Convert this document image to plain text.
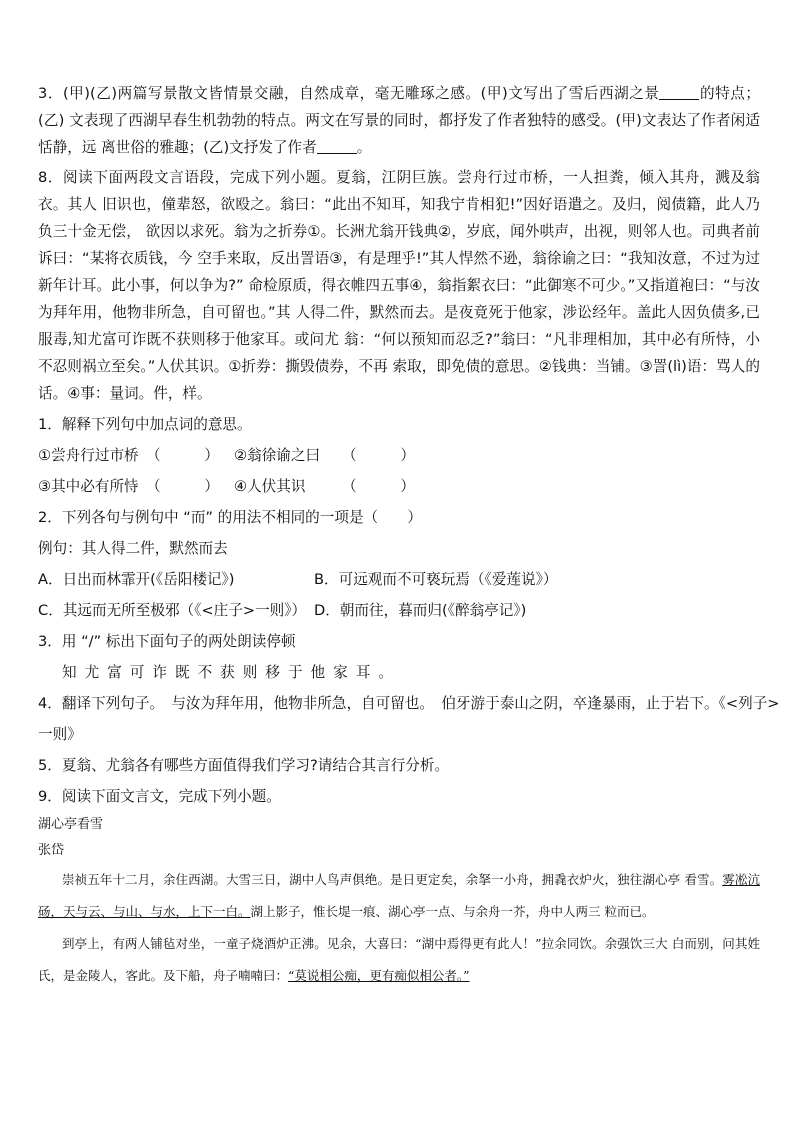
3．(甲)(乙)两篇写景散文皆情景交融，自然成章，毫无雕琢之感。(甲)文写出了雪后西湖之景	的特点；(乙) 文表现了西湖早春生机勃勃的特点。两文在写景的同时，都抒发了作者独特的感受。(甲)文表达了作者闲适恬静，远 离世俗的雅趣；(乙)文抒发了作者	。

8．阅读下面两段文言语段，完成下列小题。夏翁，江阴巨族。尝舟行过市桥，一人担粪，倾入其舟，溅及翁衣。其人 旧识也，僮辈怒，欲殴之。翁曰：“此出不知耳，知我宁肯相犯!”因好语遣之。及归，阅债籍，此人乃负三十金无偿， 欲因以求死。翁为之折券①。长洲尤翁开钱典②，岁底，闻外哄声，出视，则邻人也。司典者前诉曰：“某将衣质钱，今 空手来取，反出詈语③，有是理乎!”其人悍然不逊，翁徐谕之曰：“我知汝意，不过为过新年计耳。此小事，何以争为?” 命检原质，得衣帷四五事④，翁指絮衣曰：“此御寒不可少。”又指道袍曰：“与汝为拜年用，他物非所急，自可留也。”其 人得二件，默然而去。是夜竟死于他家，涉讼经年。盖此人因负债多,已服毒,知尤富可诈既不获则移于他家耳。或问尤 翁：“何以预知而忍乏?”翁曰：“凡非理相加，其中必有所恃，小不忍则祸立至矣。”人伏其识。①折券：撕毁债券，不再 索取，即免债的意思。②钱典：当铺。③詈(lì)语：骂人的话。④事：量词。件，样。

1．解释下列句中加点词的意思。

①尝舟行过市桥　（　　　） ②翁徐谕之曰　　（　　　）

③其中必有所恃　（　　　） ④人伏其识　　　（　　　）

2．下列各句与例句中 “而” 的用法不相同的一项是（　　）

例句：其人得二件，默然而去

A．日出而林霏开(《岳阳楼记》)	B．可远观而不可亵玩焉（《爱莲说》）

C．其远而无所至极邪（《<庄子>一则》） D．朝而往，暮而归(《醉翁亭记》)

3．用 “/” 标出下面句子的两处朗读停顿

知尤富可诈既不获则移于他家耳。

4．翻译下列句子。　与汝为拜年用，他物非所急，自可留也。　伯牙游于泰山之阴，卒逢暴雨，止于岩下。《<列子>

一则》

5．夏翁、尤翁各有哪些方面值得我们学习?请结合其言行分析。

9．阅读下面文言文，完成下列小题。

湖心亭看雪

张岱

崇祯五年十二月，余住西湖。大雪三日，湖中人鸟声俱绝。是日更定矣，余拏一小舟，拥毳衣炉火，独往湖心亭 看雪。雾凇沆砀，天与云、与山、与水，上下一白。湖上影子，惟长堤一痕、湖心亭一点、与余舟一芥，舟中人两三 粒而已。

到亭上，有两人铺毡对坐，一童子烧酒炉正沸。见余，大喜曰：“湖中焉得更有此人！”拉余同饮。余强饮三大 白而别，问其姓氏，是金陵人，客此。及下船，舟子喃喃曰：“莫说相公痴，更有痴似相公者。”
